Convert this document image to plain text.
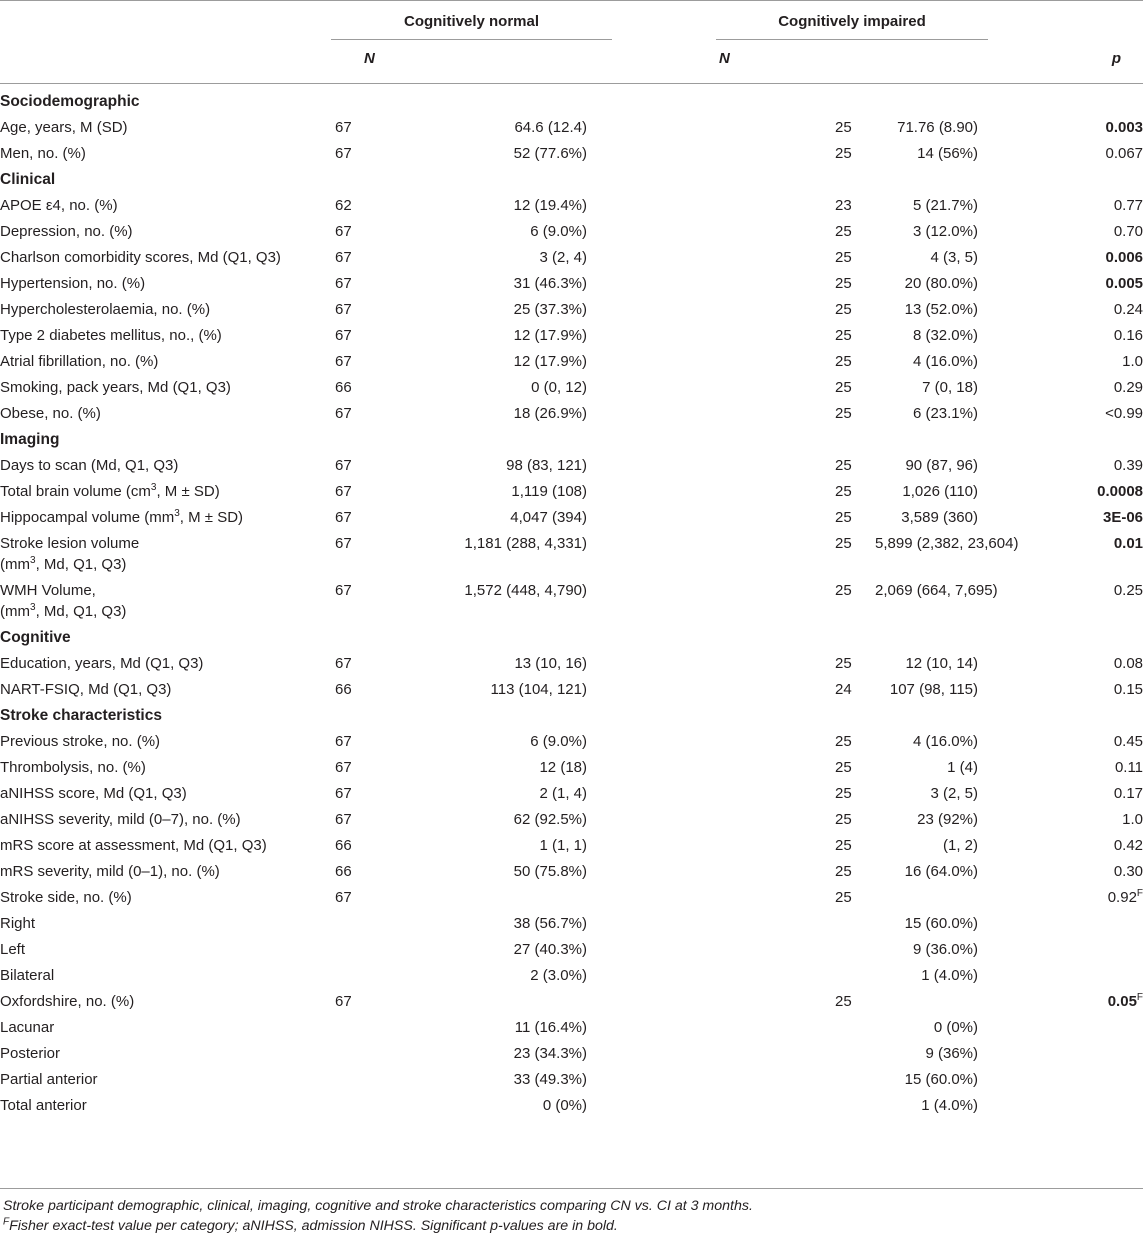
Cognitively normal	Cognitively impaired
N	N	p
Sociodemographic					
Age, years, M (SD)	67	64.6 (12.4)	25	71.76 (8.90)	0.003
Men, no. (%)	67	52 (77.6%)	25	14 (56%)	0.067
Clinical					
APOE ε4, no. (%)	62	12 (19.4%)	23	5 (21.7%)	0.77
Depression, no. (%)	67	6 (9.0%)	25	3 (12.0%)	0.70
Charlson comorbidity scores, Md (Q1, Q3)	67	3 (2, 4)	25	4 (3, 5)	0.006
Hypertension, no. (%)	67	31 (46.3%)	25	20 (80.0%)	0.005
Hypercholesterolaemia, no. (%)	67	25 (37.3%)	25	13 (52.0%)	0.24
Type 2 diabetes mellitus, no., (%)	67	12 (17.9%)	25	8 (32.0%)	0.16
Atrial fibrillation, no. (%)	67	12 (17.9%)	25	4 (16.0%)	1.0
Smoking, pack years, Md (Q1, Q3)	66	0 (0, 12)	25	7 (0, 18)	0.29
Obese, no. (%)	67	18 (26.9%)	25	6 (23.1%)	<0.99
Imaging					
Days to scan (Md, Q1, Q3)	67	98 (83, 121)	25	90 (87, 96)	0.39
Total brain volume ($cm^3$, M ± SD)	67	1,119 (108)	25	1,026 (110)	0.0008
Hippocampal volume ($mm^3$, M ± SD)	67	4,047 (394)	25	3,589 (360)	3E-06
Stroke lesion volume
($mm^3$, Md, Q1, Q3)	67	1,181 (288, 4,331)	25	5,899 (2,382, 23,604)	0.01
WMH Volume,
($mm^3$, Md, Q1, Q3)	67	1,572 (448, 4,790)	25	2,069 (664, 7,695)	0.25
Cognitive					
Education, years, Md (Q1, Q3)	67	13 (10, 16)	25	12 (10, 14)	0.08
NART-FSIQ, Md (Q1, Q3)	66	113 (104, 121)	24	107 (98, 115)	0.15
Stroke characteristics					
Previous stroke, no. (%)	67	6 (9.0%)	25	4 (16.0%)	0.45
Thrombolysis, no. (%)	67	12 (18)	25	1 (4)	0.11
aNIHSS score, Md (Q1, Q3)	67	2 (1, 4)	25	3 (2, 5)	0.17
aNIHSS severity, mild (0–7), no. (%)	67	62 (92.5%)	25	23 (92%)	1.0
mRS score at assessment, Md (Q1, Q3)	66	1 (1, 1)	25	(1, 2)	0.42
mRS severity, mild (0–1), no. (%)	66	50 (75.8%)	25	16 (64.0%)	0.30
Stroke side, no. (%)	67		25		$0.92^F$
Right		38 (56.7%)		15 (60.0%)	
Left		27 (40.3%)		9 (36.0%)	
Bilateral		2 (3.0%)		1 (4.0%)	
Oxfordshire, no. (%)	67		25		$0.05^F$
Lacunar		11 (16.4%)		0 (0%)	
Posterior		23 (34.3%)		9 (36%)	
Partial anterior		33 (49.3%)		15 (60.0%)	
Total anterior		0 (0%)		1 (4.0%)	
Stroke participant demographic, clinical, imaging, cognitive and stroke characteristics comparing CN vs. CI at 3 months.
$^F$Fisher exact-test value per category; aNIHSS, admission NIHSS. Significant p-values are in bold.
